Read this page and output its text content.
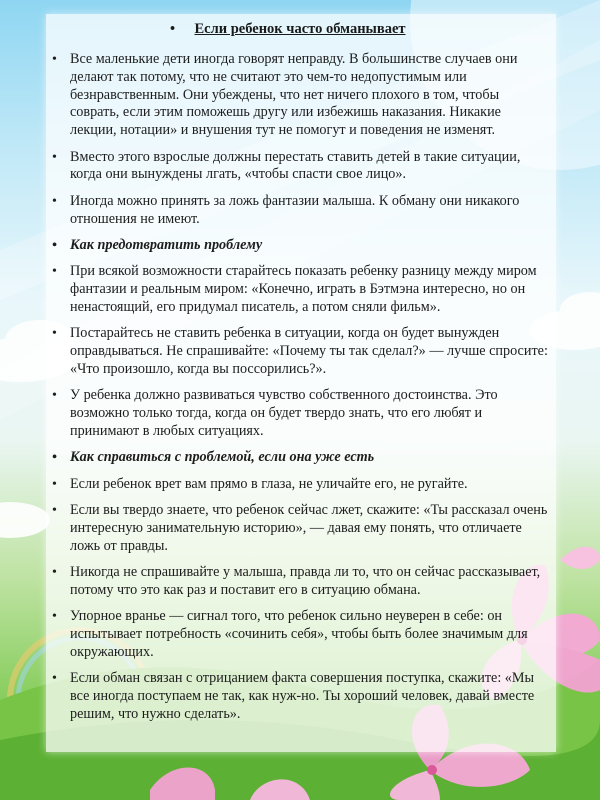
• Если ребенок часто обманывает
• Все маленькие дети иногда говорят неправду. В большинстве случаев они делают так потому, что не считают это чем-то недопустимым или безнравственным. Они убеждены, что нет ничего плохого в том, чтобы соврать, если этим поможешь другу или избежишь наказания. Никакие лекции, нотации» и внушения тут не помогут и поведения не изменят.
• Вместо этого взрослые должны перестать ставить детей в такие ситуации, когда они вынуждены лгать, «чтобы спасти свое лицо».
• Иногда можно принять за ложь фантазии малыша. К обману они никакого отношения не имеют.
• Как предотвратить проблему
• При всякой возможности старайтесь показать ребенку разницу между миром фантазии и реальным миром: «Конечно, играть в Бэтмэна интересно, но он ненастоящий, его придумал писатель, а потом сняли фильм».
• Постарайтесь не ставить ребенка в ситуации, когда он будет вынужден оправдываться. Не спрашивайте: «Почему ты так сделал?» — лучше спросите: «Что произошло, когда вы поссорились?».
• У ребенка должно развиваться чувство собственного достоинства. Это возможно только тогда, когда он будет твердо знать, что его любят и принимают в любых ситуациях.
• Как справиться с проблемой, если она уже есть
• Если ребенок врет вам прямо в глаза, не уличайте его, не ругайте.
• Если вы твердо знаете, что ребенок сейчас лжет, скажите: «Ты рассказал очень интересную занимательную историю», — давая ему понять, что отличаете ложь от правды.
• Никогда не спрашивайте у малыша, правда ли то, что он сейчас рассказывает, потому что это как раз и поставит его в ситуацию обмана.
• Упорное вранье — сигнал того, что ребенок сильно неуверен в себе: он испытывает потребность «сочинить себя», чтобы быть более значимым для окружающих.
• Если обман связан с отрицанием факта совершения поступка, скажите: «Мы все иногда поступаем не так, как нуж-но. Ты хороший человек, давай вместе решим, что нужно сделать».
